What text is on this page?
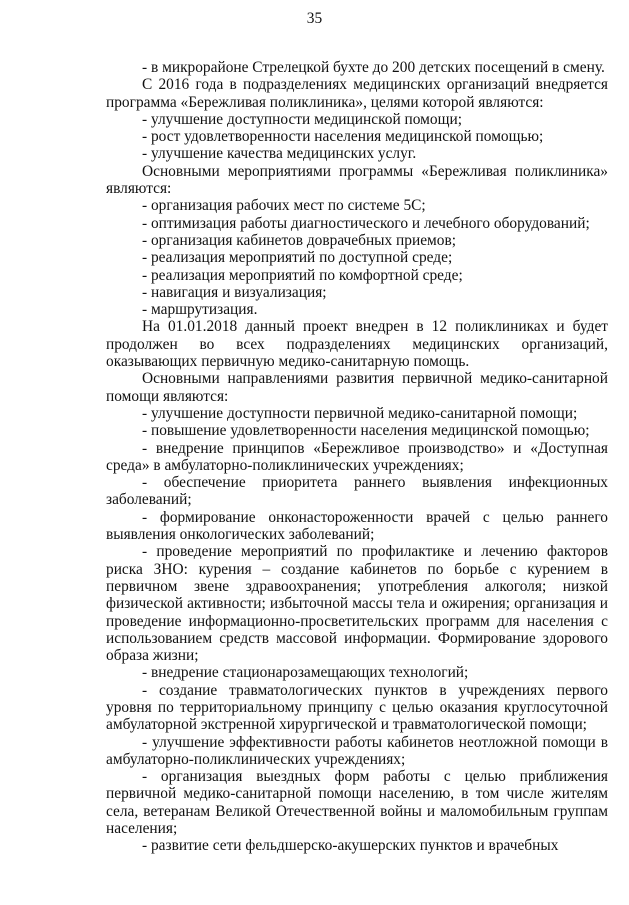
35

- в микрорайоне Стрелецкой бухте до 200 детских посещений в смену.

С 2016 года в подразделениях медицинских организаций внедряется программа «Бережливая поликлиника», целями которой являются:

- улучшение доступности медицинской помощи;

- рост удовлетворенности населения медицинской помощью;

- улучшение качества медицинских услуг.

Основными мероприятиями программы «Бережливая поликлиника» являются:

- организация рабочих мест по системе 5С;

- оптимизация работы диагностического и лечебного оборудований;

- организация кабинетов доврачебных приемов;

- реализация мероприятий по доступной среде;

- реализация мероприятий по комфортной среде;

- навигация и визуализация;

- маршрутизация.

На 01.01.2018 данный проект внедрен в 12 поликлиниках и будет продолжен во всех подразделениях медицинских организаций, оказывающих первичную медико-санитарную помощь.

Основными направлениями развития первичной медико-санитарной помощи являются:

- улучшение доступности первичной медико-санитарной помощи;

- повышение удовлетворенности населения медицинской помощью;

- внедрение принципов «Бережливое производство» и «Доступная среда» в амбулаторно-поликлинических учреждениях;

- обеспечение приоритета раннего выявления инфекционных заболеваний;

- формирование онконастороженности врачей с целью раннего выявления онкологических заболеваний;

- проведение мероприятий по профилактике и лечению факторов риска ЗНО: курения – создание кабинетов по борьбе с курением в первичном звене здравоохранения; употребления алкоголя; низкой физической активности; избыточной массы тела и ожирения; организация и проведение информационно-просветительских программ для населения с использованием средств массовой информации. Формирование здорового образа жизни;

- внедрение стационарозамещающих технологий;

- создание травматологических пунктов в учреждениях первого уровня по территориальному принципу с целью оказания круглосуточной амбулаторной экстренной хирургической и травматологической помощи;

- улучшение эффективности работы кабинетов неотложной помощи в амбулаторно-поликлинических учреждениях;

- организация выездных форм работы с целью приближения первичной медико-санитарной помощи населению, в том числе жителям села, ветеранам Великой Отечественной войны и маломобильным группам населения;

- развитие сети фельдшерско-акушерских пунктов и врачебных
